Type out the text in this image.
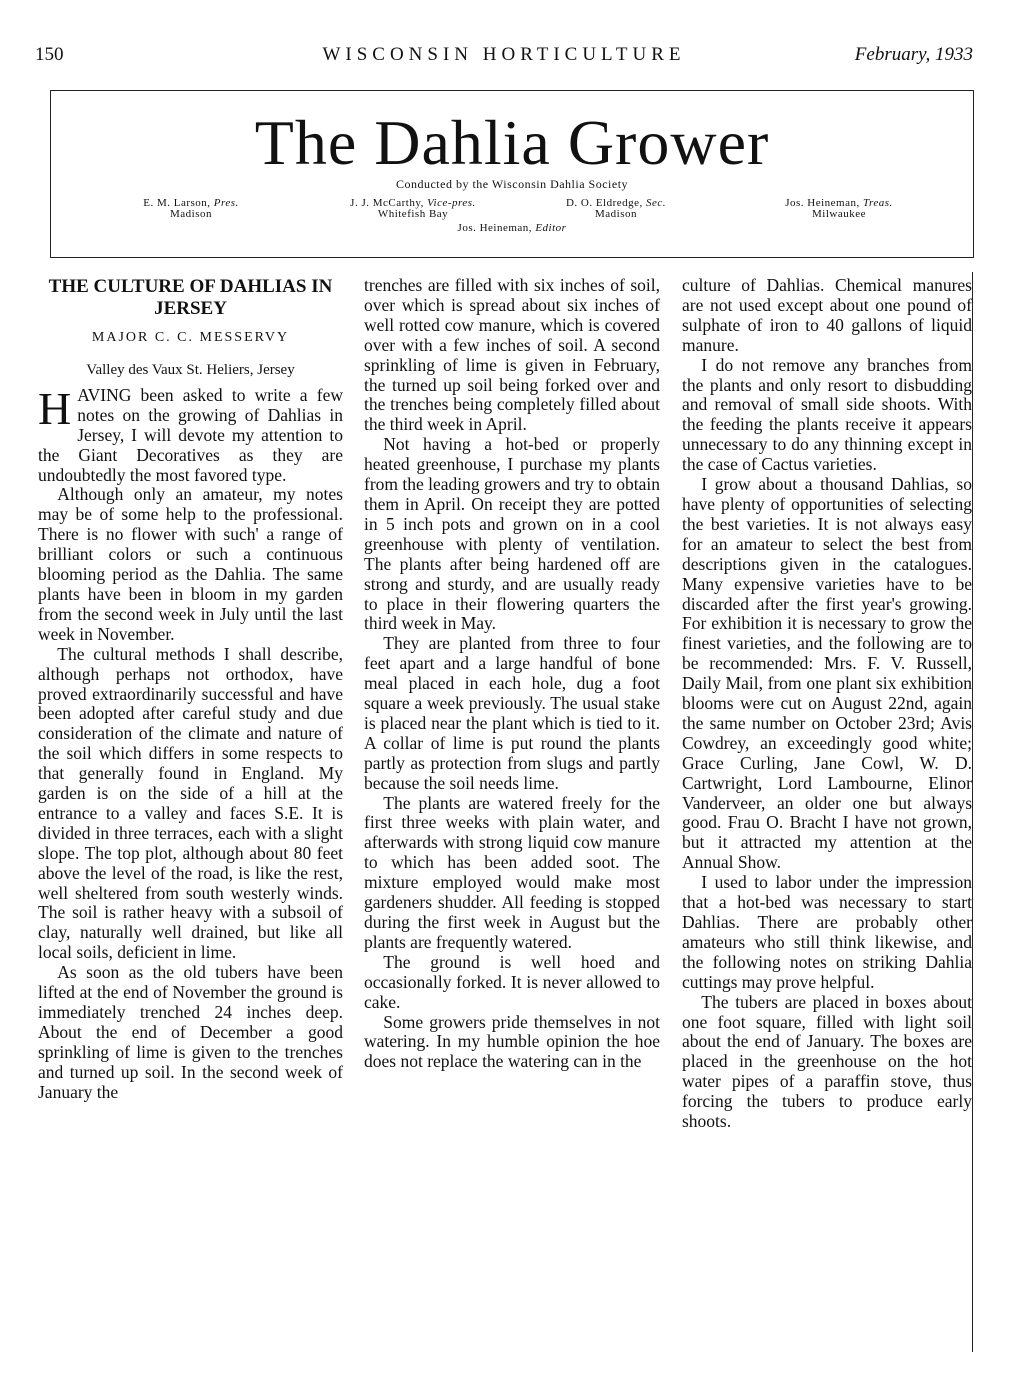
150	WISCONSIN HORTICULTURE	February, 1933
The Dahlia Grower
Conducted by the Wisconsin Dahlia Society
E. M. Larson, Pres.
Madison
J. J. McCarthy, Vice-pres.
Whitefish Bay
D. O. Eldredge, Sec.
Madison
Jos. Heineman, Treas.
Milwaukee
Jos. Heineman, Editor
THE CULTURE OF DAHLIAS IN JERSEY
MAJOR C. C. MESSERVY
Valley des Vaux St. Heliers, Jersey

HAVING been asked to write a few notes on the growing of Dahlias in Jersey, I will devote my attention to the Giant Decoratives as they are undoubtedly the most favored type.

Although only an amateur, my notes may be of some help to the professional. There is no flower with such' a range of brilliant colors or such a continuous blooming period as the Dahlia. The same plants have been in bloom in my garden from the second week in July until the last week in November.

The cultural methods I shall describe, although perhaps not orthodox, have proved extraordinarily successful and have been adopted after careful study and due consideration of the climate and nature of the soil which differs in some respects to that generally found in England. My garden is on the side of a hill at the entrance to a valley and faces S.E. It is divided in three terraces, each with a slight slope. The top plot, although about 80 feet above the level of the road, is like the rest, well sheltered from south westerly winds. The soil is rather heavy with a subsoil of clay, naturally well drained, but like all local soils, deficient in lime.

As soon as the old tubers have been lifted at the end of November the ground is immediately trenched 24 inches deep. About the end of December a good sprinkling of lime is given to the trenches and turned up soil. In the second week of January the

trenches are filled with six inches of soil, over which is spread about six inches of well rotted cow manure, which is covered over with a few inches of soil. A second sprinkling of lime is given in February, the turned up soil being forked over and the trenches being completely filled about the third week in April.

Not having a hot-bed or properly heated greenhouse, I purchase my plants from the leading growers and try to obtain them in April. On receipt they are potted in 5 inch pots and grown on in a cool greenhouse with plenty of ventilation. The plants after being hardened off are strong and sturdy, and are usually ready to place in their flowering quarters the third week in May.

They are planted from three to four feet apart and a large handful of bone meal placed in each hole, dug a foot square a week previously. The usual stake is placed near the plant which is tied to it. A collar of lime is put round the plants partly as protection from slugs and partly because the soil needs lime.

The plants are watered freely for the first three weeks with plain water, and afterwards with strong liquid cow manure to which has been added soot. The mixture employed would make most gardeners shudder. All feeding is stopped during the first week in August but the plants are frequently watered.

The ground is well hoed and occasionally forked. It is never allowed to cake.

Some growers pride themselves in not watering. In my humble opinion the hoe does not replace the watering can in the

culture of Dahlias. Chemical manures are not used except about one pound of sulphate of iron to 40 gallons of liquid manure.

I do not remove any branches from the plants and only resort to disbudding and removal of small side shoots. With the feeding the plants receive it appears unnecessary to do any thinning except in the case of Cactus varieties.

I grow about a thousand Dahlias, so have plenty of opportunities of selecting the best varieties. It is not always easy for an amateur to select the best from descriptions given in the catalogues. Many expensive varieties have to be discarded after the first year's growing. For exhibition it is necessary to grow the finest varieties, and the following are to be recommended: Mrs. F. V. Russell, Daily Mail, from one plant six exhibition blooms were cut on August 22nd, again the same number on October 23rd; Avis Cowdrey, an exceedingly good white; Grace Curling, Jane Cowl, W. D. Cartwright, Lord Lambourne, Elinor Vanderveer, an older one but always good. Frau O. Bracht I have not grown, but it attracted my attention at the Annual Show.

I used to labor under the impression that a hot-bed was necessary to start Dahlias. There are probably other amateurs who still think likewise, and the following notes on striking Dahlia cuttings may prove helpful.

The tubers are placed in boxes about one foot square, filled with light soil about the end of January. The boxes are placed in the greenhouse on the hot water pipes of a paraffin stove, thus forcing the tubers to produce early shoots.
